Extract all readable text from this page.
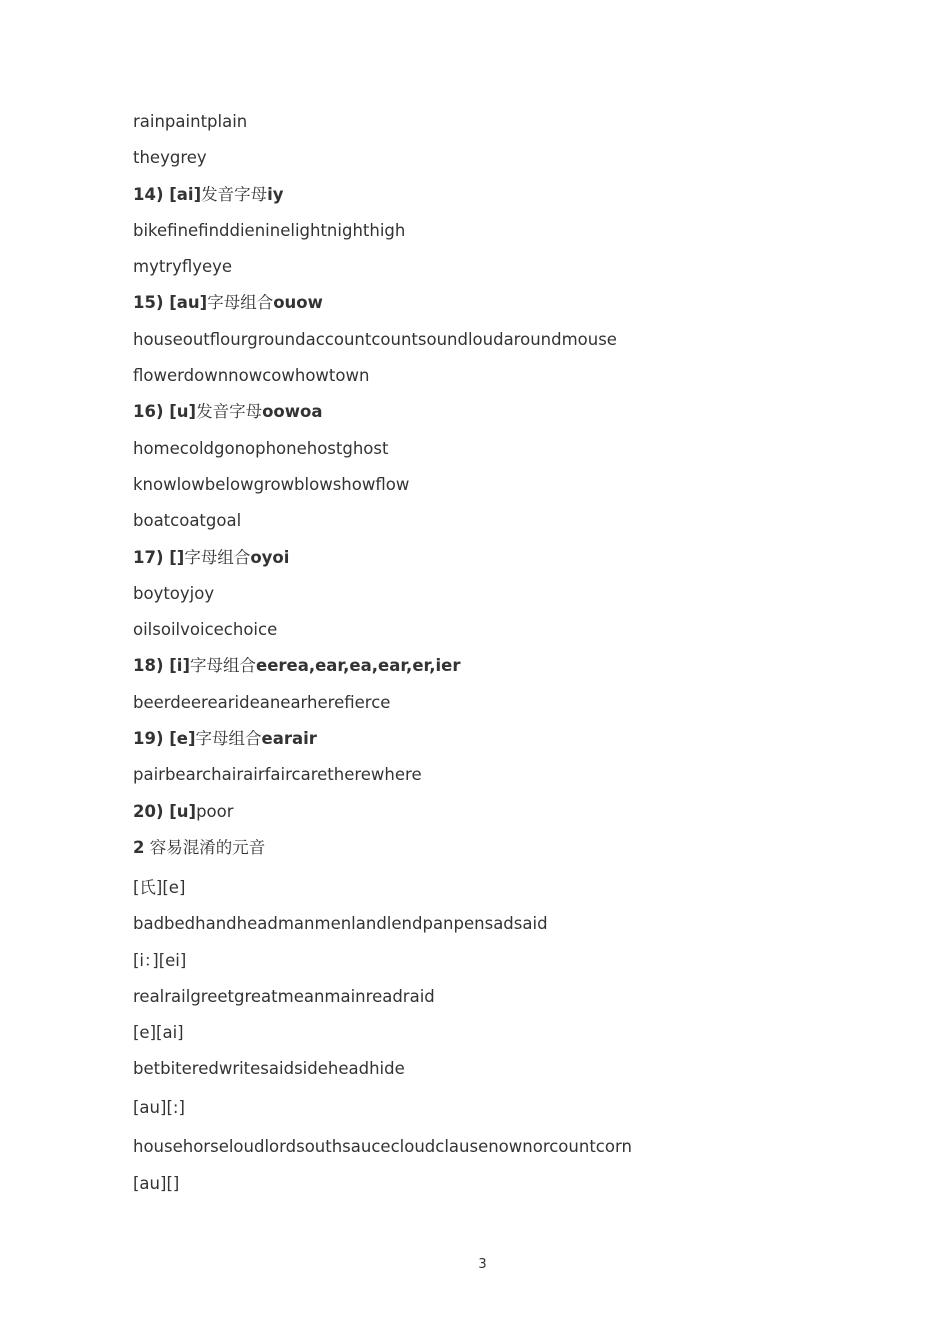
rainpaintplain
theygrey
14) [ai]发音字母iy
bikefinefinddieninelightnighthigh
mytryflyeye
15) [au]字母组合ouow
houseoutflourgroundaccountcountsoundloudaroundmouse
flowerdownnowcowhowtown
16) [u]发音字母oowoa
homecoldgonophonehostghost
knowlowbelowgrowblowshowflow
boatcoatgoal
17) []字母组合oyoi
boytoyjoy
oilsoilvoicechoice
18) [i]字母组合eerea,ear,ea,ear,er,ier
beerdeerearideanearherefierce
19) [e]字母组合earair
pairbearchairairfaircaretherewhere
20) [u]poor
2 容易混淆的元音
[氏][e]
badbedhandheadmanmenlandlendpanpensadsaid
[i：][ei]
realrailgreetgreatmeanmainreadraid
[e][ai]
betbiteredwritesaidsideheadhide
[au][:]
househorseloudlordsouthsaucecloudclausenownorcountcorn
[au][]
3
